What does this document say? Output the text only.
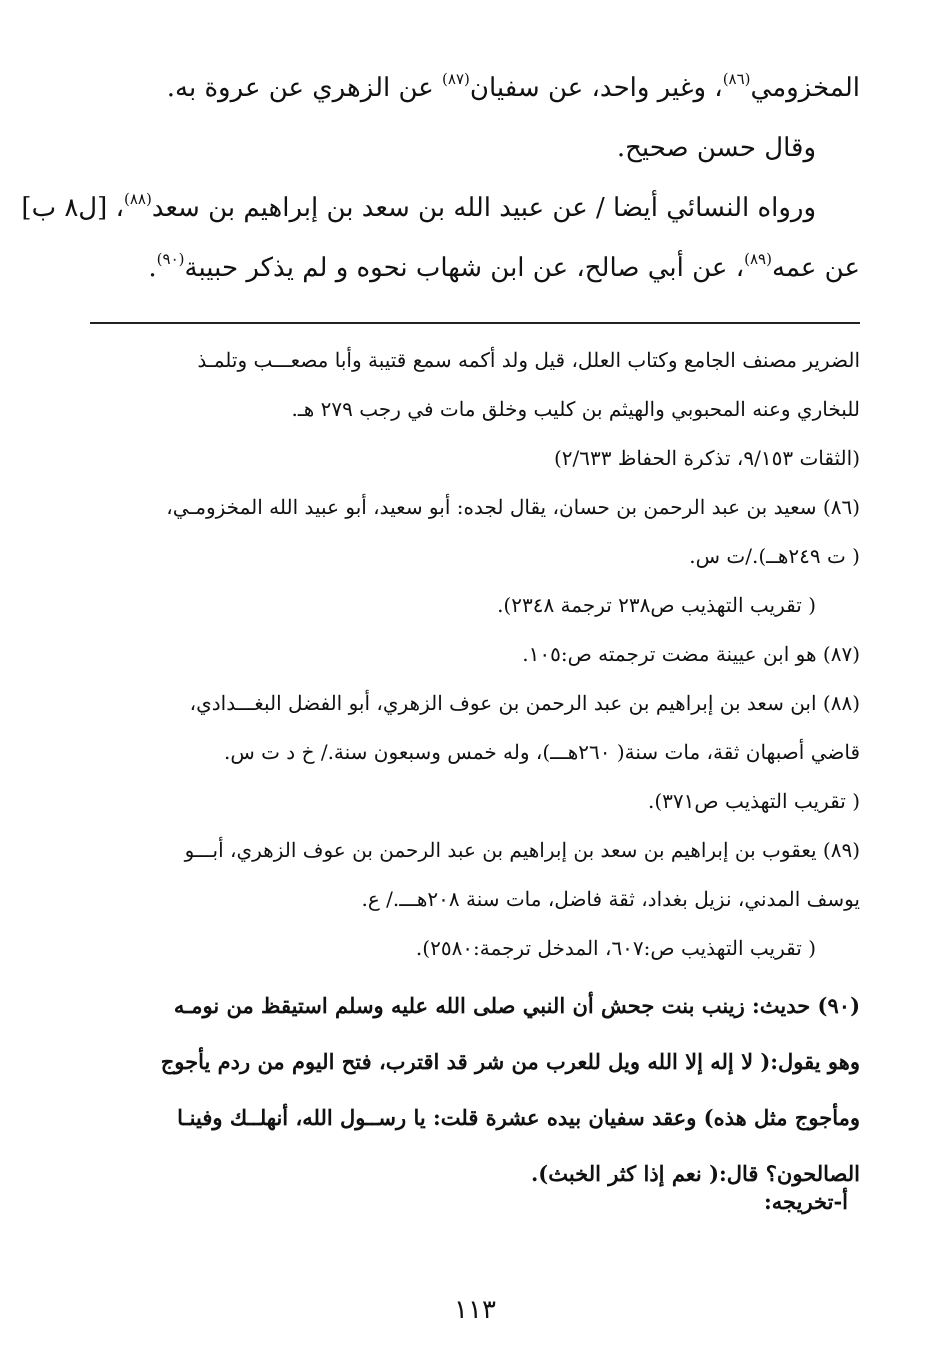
المخزومي$^{(٨٦)}$، وغير واحد، عن سفيان$^{(٨٧)}$ عن الزهري عن عروة به.
وقال حسن صحيح.
ورواه النسائي أيضا / عن عبيد الله بن سعد بن إبراهيم بن سعد$^{(٨٨)}$، [ل٨ ب]
عن عمه$^{(٨٩)}$، عن أبي صالح، عن ابن شهاب نحوه و لم يذكر حبيبة$^{(٩٠)}$.
الضرير مصنف الجامع وكتاب العلل، قيل ولد أكمه سمع قتيبة وأبا مصعـــب وتلمـذ
للبخاري وعنه المحبوبي والهيثم بن كليب وخلق مات في رجب ٢٧٩ هـ.
(الثقات ٩/١٥٣، تذكرة الحفاظ ٢/٦٣٣)
(٨٦) سعيد بن عبد الرحمن بن حسان، يقال لجده: أبو سعيد، أبو عبيد الله المخزومـي،
( ت ٢٤٩هــ)./ت س.
( تقريب التهذيب ص٢٣٨ ترجمة ٢٣٤٨).
(٨٧) هو ابن عيينة مضت ترجمته ص:١٠٥.
(٨٨) ابن سعد بن إبراهيم بن عبد الرحمن بن عوف الزهري، أبو الفضل البغـــدادي،
قاضي أصبهان ثقة، مات سنة( ٢٦٠هـــ)، وله خمس وسبعون سنة./ خ د ت س.
( تقريب التهذيب ص٣٧١).
(٨٩) يعقوب بن إبراهيم بن سعد بن إبراهيم بن عبد الرحمن بن عوف الزهري، أبـــو
يوسف المدني، نزيل بغداد، ثقة فاضل، مات سنة ٢٠٨هـــ./ ع.
( تقريب التهذيب ص:٦٠٧، المدخل ترجمة:٢٥٨٠).
(٩٠) حديث: زينب بنت جحش أن النبي صلى الله عليه وسلم استيقظ من نومـه
وهو يقول:( لا إله إلا الله ويل للعرب من شر قد اقترب، فتح اليوم من ردم يأجوج
ومأجوج مثل هذه) وعقد سفيان بيده عشرة قلت: يا رســول الله، أنهلــك وفينـا
الصالحون؟ قال:( نعم إذا كثر الخبث).
أ-تخريجه:
١١٣
